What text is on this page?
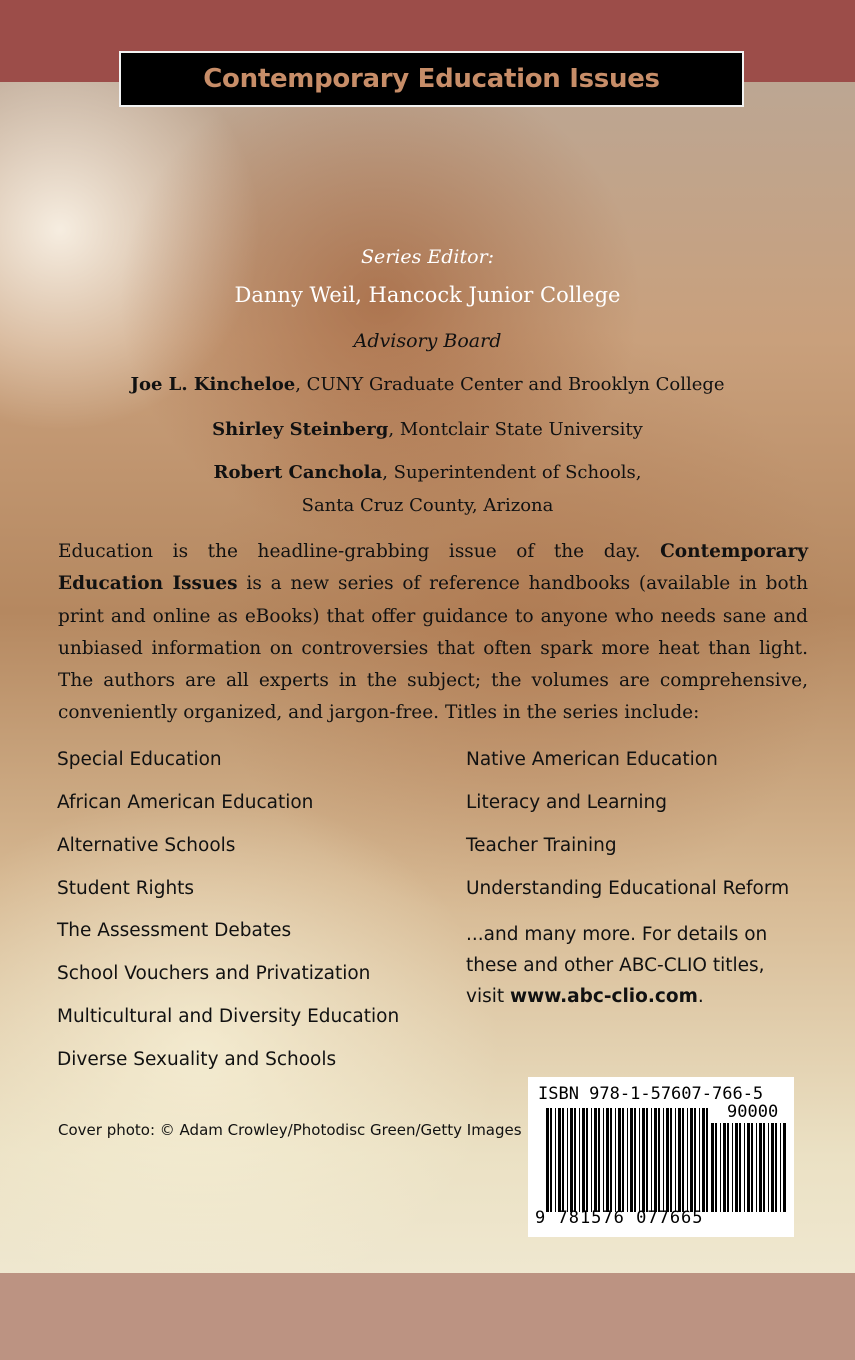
Contemporary Education Issues
Series Editor:
Danny Weil, Hancock Junior College
Advisory Board
Joe L. Kincheloe, CUNY Graduate Center and Brooklyn College
Shirley Steinberg, Montclair State University
Robert Canchola, Superintendent of Schools,
Santa Cruz County, Arizona

Education is the headline-grabbing issue of the day. Contemporary Education Issues is a new series of reference handbooks (available in both print and online as eBooks) that offer guidance to anyone who needs sane and unbiased information on controversies that often spark more heat than light. The authors are all experts in the subject; the volumes are comprehensive, conveniently organized, and jargon-free. Titles in the series include:

Special Education
African American Education
Alternative Schools
Student Rights
The Assessment Debates
School Vouchers and Privatization
Multicultural and Diversity Education
Diverse Sexuality and Schools
Native American Education
Literacy and Learning
Teacher Training
Understanding Educational Reform

...and many more. For details on these and other ABC-CLIO titles, visit www.abc-clio.com.

Cover photo: © Adam Crowley/Photodisc Green/Getty Images
ISBN 978-1-57607-766-5
90000
9 781576 077665
